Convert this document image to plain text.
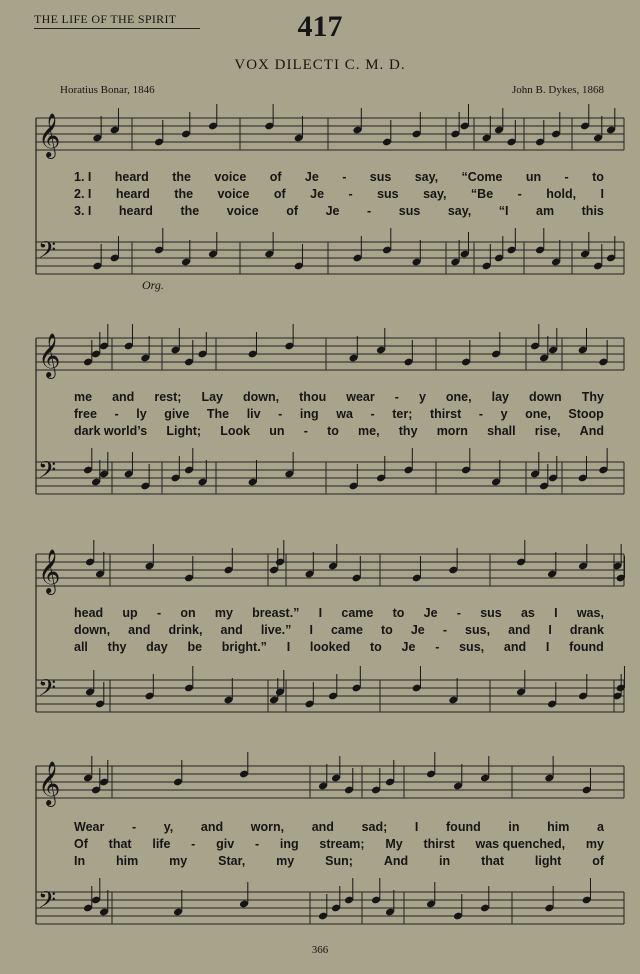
THE LIFE OF THE SPIRIT	417
VOX DILECTI C. M. D.
Horatius Bonar, 1846	John B. Dykes, 1868
𝄞
𝄢
𝄞
𝄢
𝄞
𝄢
𝄞
𝄢
Org.
1. I heard the voice of Je - sus say, “Come un - to
2. I heard the voice of Je - sus say, “Be - hold, I
3. I heard the voice of Je - sus say, “I am this
me and rest; Lay down, thou wear - y one, lay down Thy
free - ly give The liv - ing wa - ter; thirst - y one, Stoop
dark world’s Light; Look un - to me, thy morn shall rise, And
head up - on my breast.” I came to Je - sus as I was,
down, and drink, and live.” I came to Je - sus, and I drank
all thy day be bright.” I looked to Je - sus, and I found
Wear - y, and worn, and sad; I found in him a
Of that life - giv - ing stream; My thirst was quenched, my
In him my Star, my Sun; And in that light of
366
